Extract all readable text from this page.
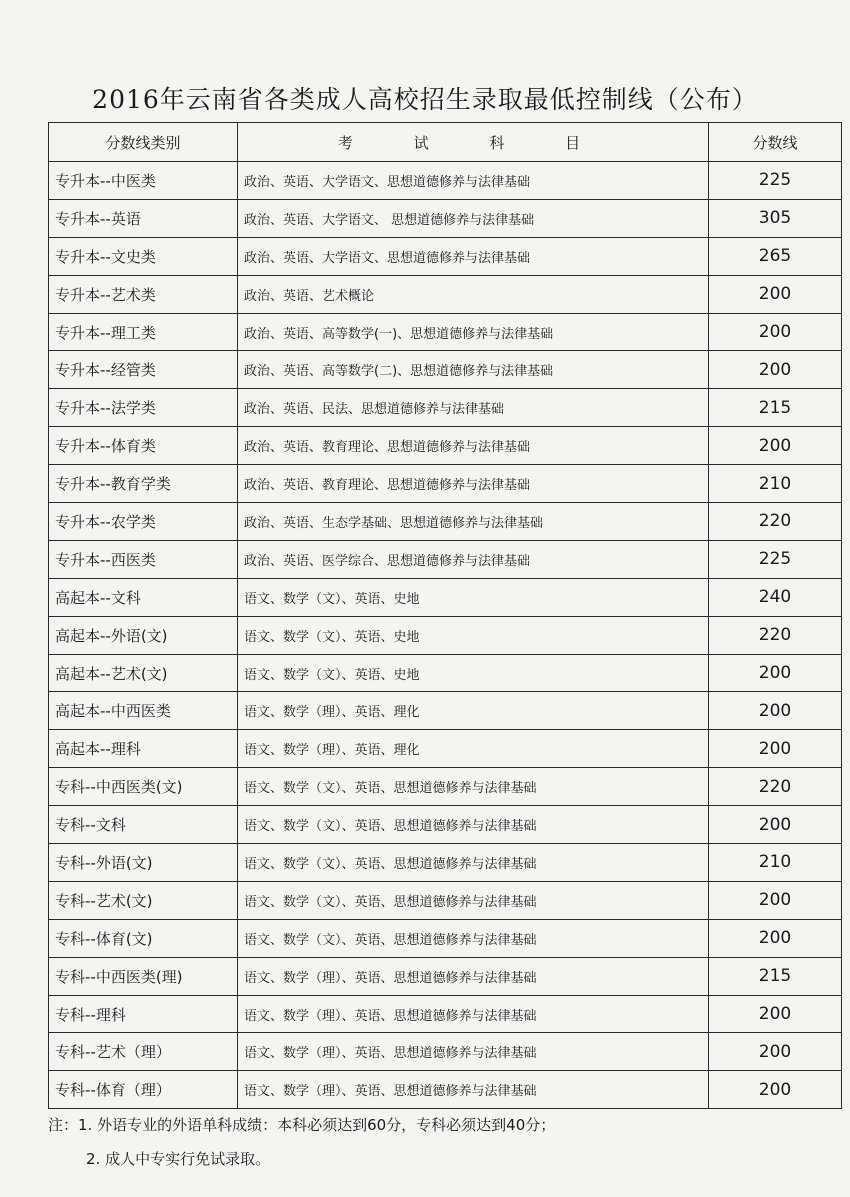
2016年云南省各类成人高校招生录取最低控制线（公布）
分数线类别	考 试 科 目	分数线
专升本--中医类	政治、英语、大学语文、思想道德修养与法律基础	225
专升本--英语	政治、英语、大学语文、 思想道德修养与法律基础	305
专升本--文史类	政治、英语、大学语文、思想道德修养与法律基础	265
专升本--艺术类	政治、英语、艺术概论	200
专升本--理工类	政治、英语、高等数学(一)、思想道德修养与法律基础	200
专升本--经管类	政治、英语、高等数学(二)、思想道德修养与法律基础	200
专升本--法学类	政治、英语、民法、思想道德修养与法律基础	215
专升本--体育类	政治、英语、教育理论、思想道德修养与法律基础	200
专升本--教育学类	政治、英语、教育理论、思想道德修养与法律基础	210
专升本--农学类	政治、英语、生态学基础、思想道德修养与法律基础	220
专升本--西医类	政治、英语、医学综合、思想道德修养与法律基础	225
高起本--文科	语文、数学（文）、英语、史地	240
高起本--外语(文)	语文、数学（文）、英语、史地	220
高起本--艺术(文)	语文、数学（文）、英语、史地	200
高起本--中西医类	语文、数学（理）、英语、理化	200
高起本--理科	语文、数学（理）、英语、理化	200
专科--中西医类(文)	语文、数学（文）、英语、思想道德修养与法律基础	220
专科--文科	语文、数学（文）、英语、思想道德修养与法律基础	200
专科--外语(文)	语文、数学（文）、英语、思想道德修养与法律基础	210
专科--艺术(文)	语文、数学（文）、英语、思想道德修养与法律基础	200
专科--体育(文)	语文、数学（文）、英语、思想道德修养与法律基础	200
专科--中西医类(理)	语文、数学（理）、英语、思想道德修养与法律基础	215
专科--理科	语文、数学（理）、英语、思想道德修养与法律基础	200
专科--艺术（理）	语文、数学（理）、英语、思想道德修养与法律基础	200
专科--体育（理）	语文、数学（理）、英语、思想道德修养与法律基础	200
注：1. 外语专业的外语单科成绩：本科必须达到60分，专科必须达到40分；
2. 成人中专实行免试录取。
